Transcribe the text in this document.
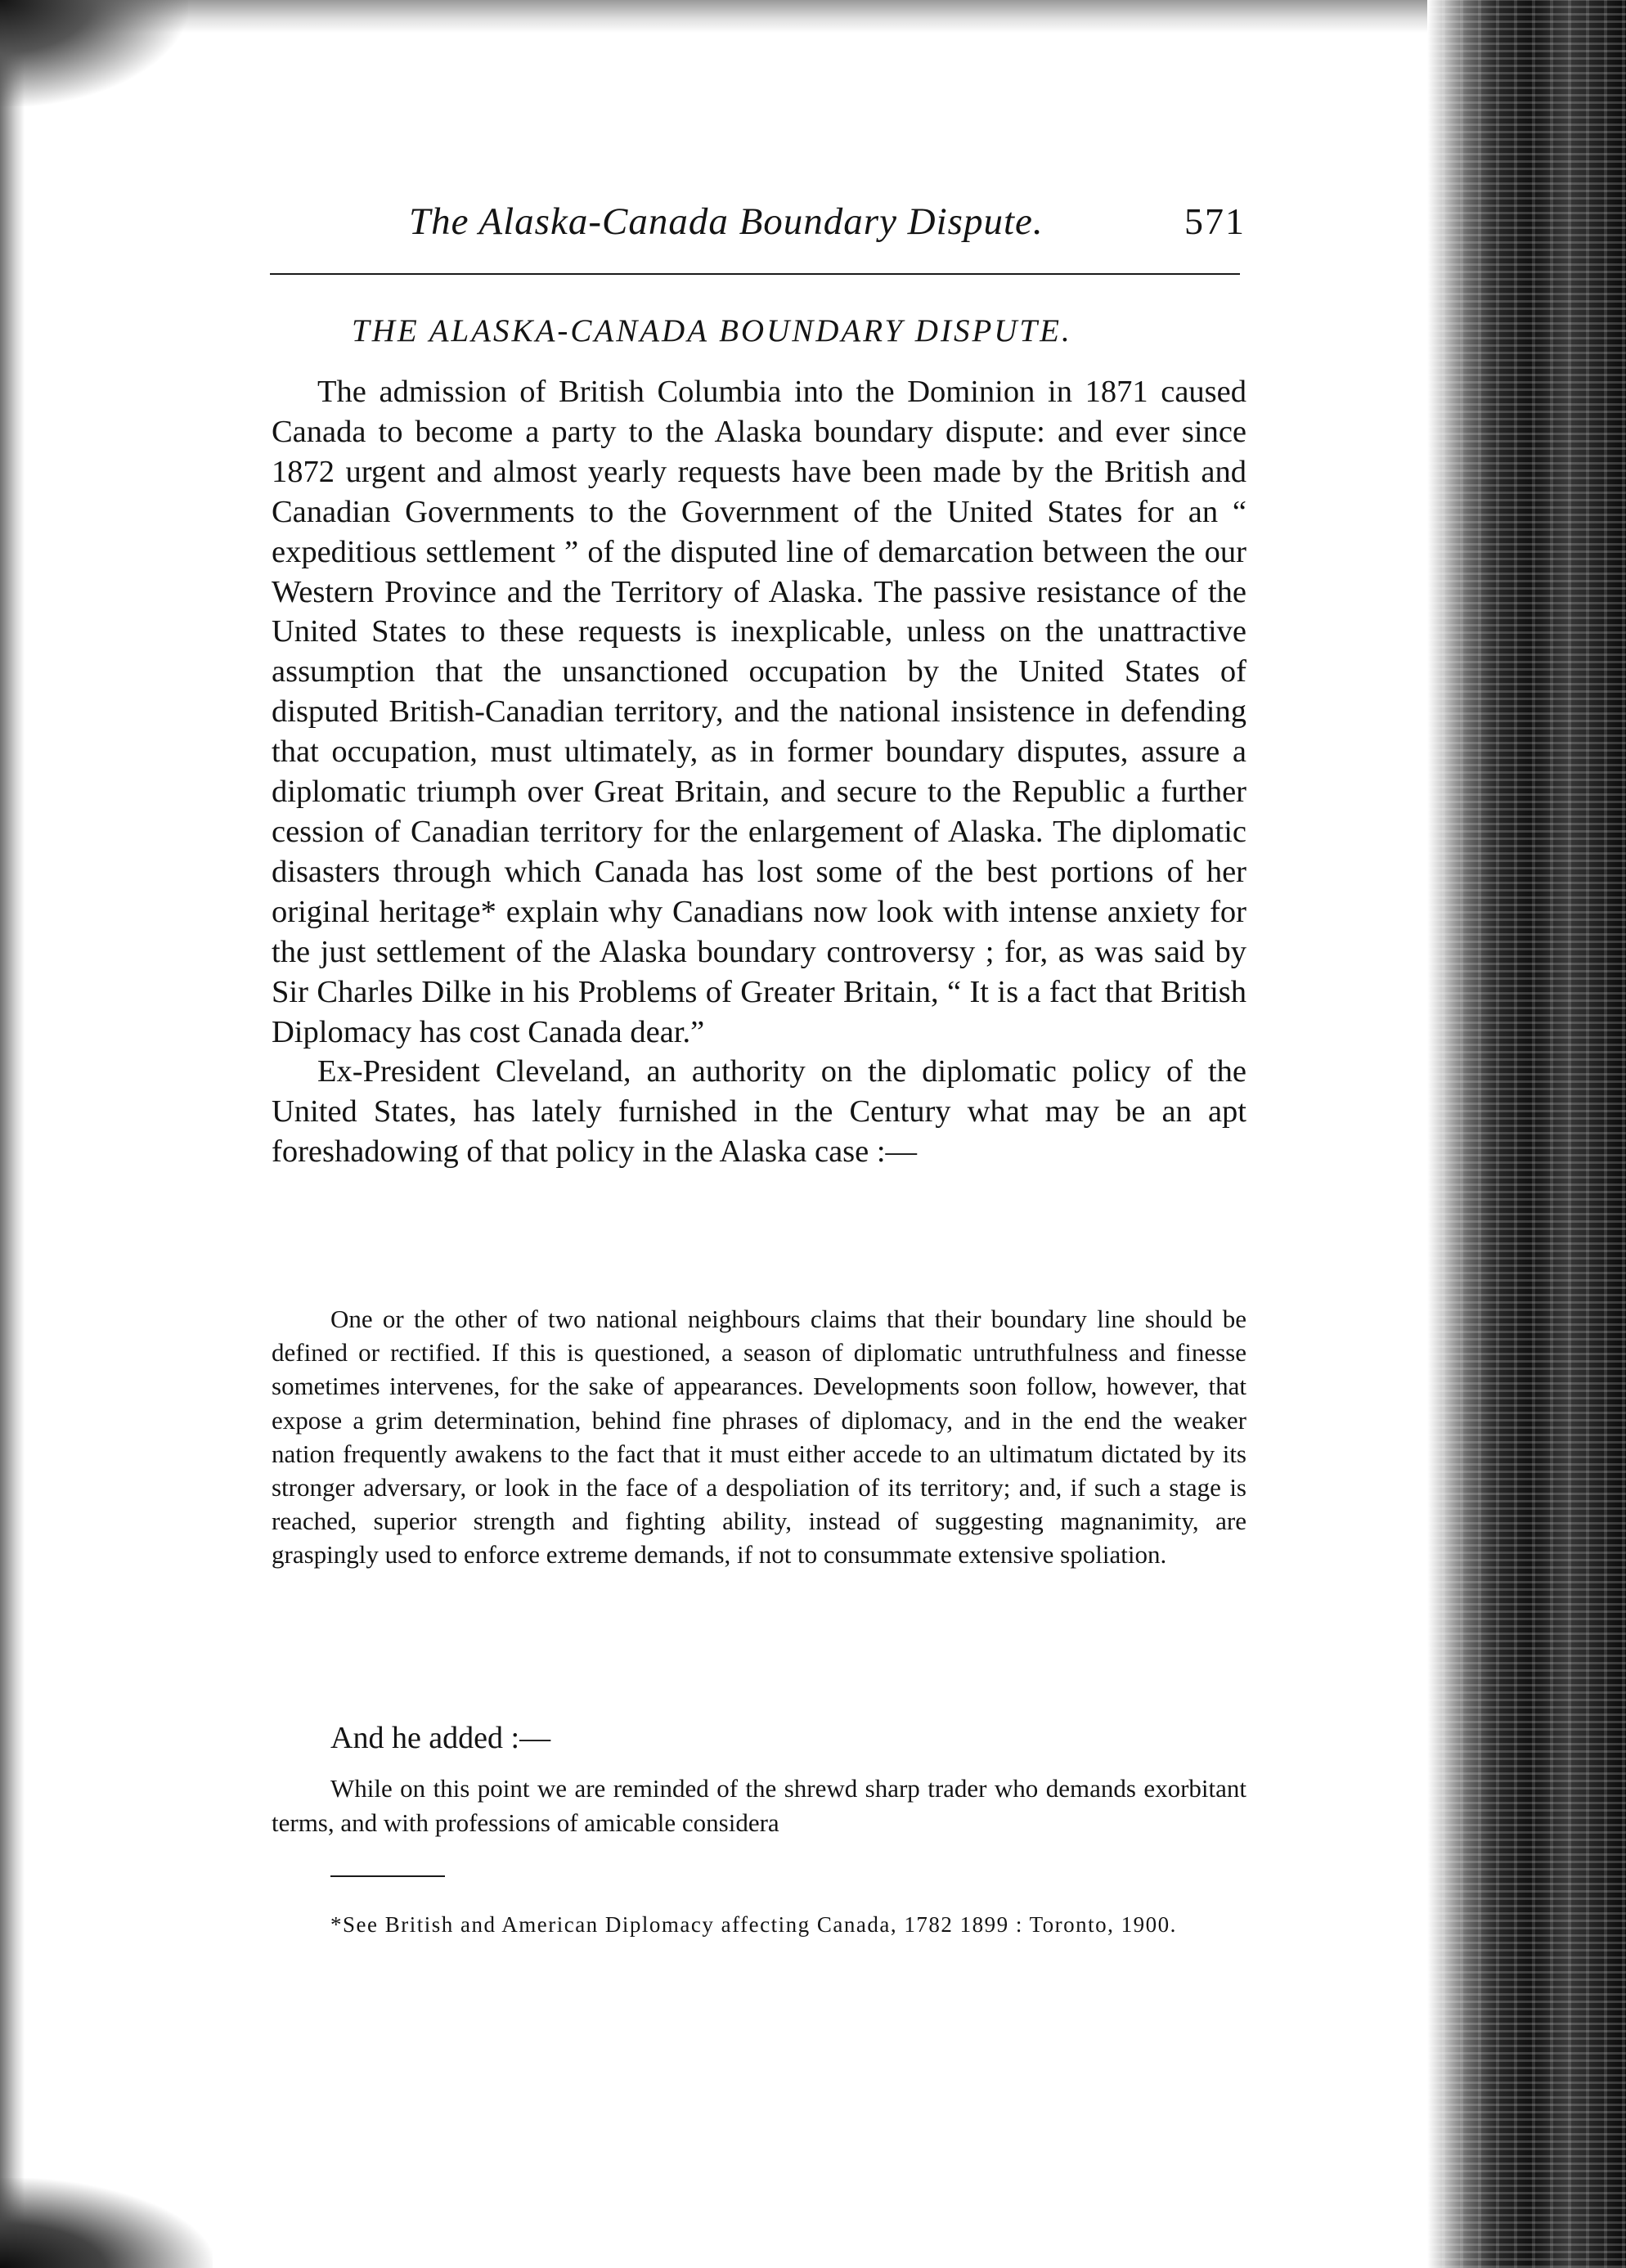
The Alaska-Canada Boundary Dispute.	571
THE ALASKA-CANADA BOUNDARY DISPUTE.

The admission of British Columbia into the Dominion in 1871 caused Canada to become a party to the Alaska boundary dispute: and ever since 1872 urgent and almost yearly requests have been made by the British and Canadian Governments to the Government of the United States for an “ expeditious settlement ” of the disputed line of demarcation between the our Western Province and the Territory of Alaska. The passive resistance of the United States to these requests is inexplicable, unless on the unattractive assumption that the unsanctioned occupation by the United States of disputed British-Canadian territory, and the national insistence in defending that occupation, must ultimately, as in former boundary disputes, assure a diplomatic triumph over Great Britain, and secure to the Republic a further cession of Canadian territory for the enlargement of Alaska. The diplomatic disasters through which Canada has lost some of the best portions of her original heritage* explain why Canadians now look with intense anxiety for the just settlement of the Alaska boundary controversy ; for, as was said by Sir Charles Dilke in his Problems of Greater Britain, “ It is a fact that British Diplomacy has cost Canada dear.”

Ex-President Cleveland, an authority on the diplomatic policy of the United States, has lately furnished in the Century what may be an apt foreshadowing of that policy in the Alaska case :—

One or the other of two national neighbours claims that their boundary line should be defined or rectified. If this is questioned, a season of diplomatic untruthfulness and finesse sometimes intervenes, for the sake of appearances. Developments soon follow, however, that expose a grim determination, behind fine phrases of diplomacy, and in the end the weaker nation frequently awakens to the fact that it must either accede to an ultimatum dictated by its stronger adversary, or look in the face of a despoliation of its territory; and, if such a stage is reached, superior strength and fighting ability, instead of suggesting magnanimity, are graspingly used to enforce extreme demands, if not to consummate extensive spoliation.

And he added :—

While on this point we are reminded of the shrewd sharp trader who demands exorbitant terms, and with professions of amicable considera

*See British and American Diplomacy affecting Canada, 1782 1899 : Toronto, 1900.
